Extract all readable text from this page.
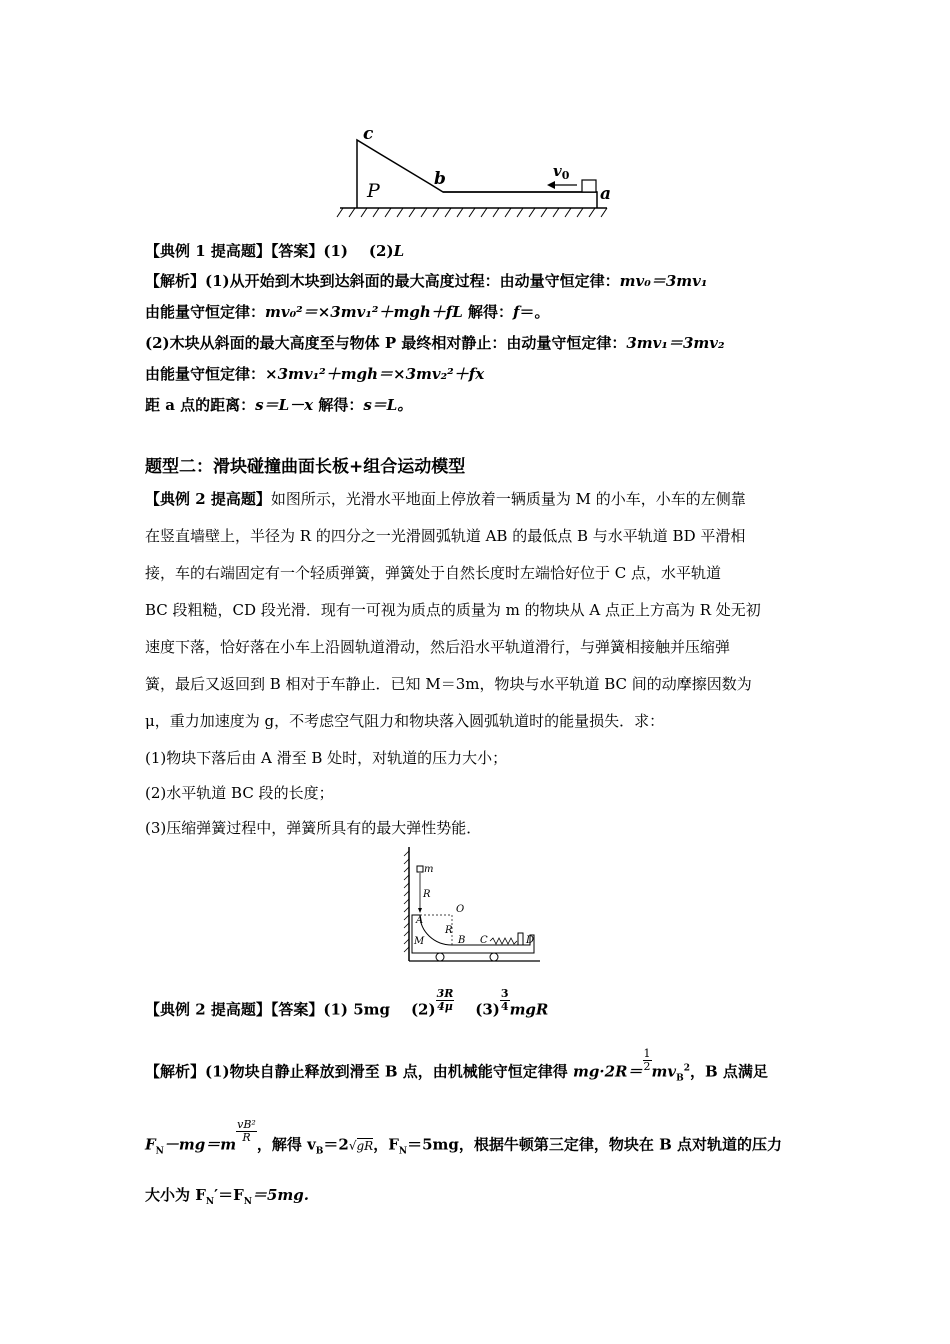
c
P
b	$v_0$
a
【典例 1 提高题】【答案】(1) (2)L
【解析】(1)从开始到木块到达斜面的最大高度过程：由动量守恒定律：mv₀＝3mv₁
由能量守恒定律：mv₀²＝×3mv₁²＋mgh＋fL 解得：f＝。
(2)木块从斜面的最大高度至与物体 P 最终相对静止：由动量守恒定律：3mv₁＝3mv₂
由能量守恒定律：×3mv₁²＋mgh＝×3mv₂²＋fx
距 a 点的距离：s＝L－x 解得：s＝L。
题型二：滑块碰撞曲面长板+组合运动模型
【典例 2 提高题】如图所示，光滑水平地面上停放着一辆质量为 M 的小车，小车的左侧靠
在竖直墙壁上，半径为 R 的四分之一光滑圆弧轨道 AB 的最低点 B 与水平轨道 BD 平滑相
接，车的右端固定有一个轻质弹簧，弹簧处于自然长度时左端恰好位于 C 点，水平轨道
BC 段粗糙，CD 段光滑．现有一可视为质点的质量为 m 的物块从 A 点正上方高为 R 处无初
速度下落，恰好落在小车上沿圆轨道滑动，然后沿水平轨道滑行，与弹簧相接触并压缩弹
簧，最后又返回到 B 相对于车静止．已知 M＝3m，物块与水平轨道 BC 间的动摩擦因数为
μ，重力加速度为 g，不考虑空气阻力和物块落入圆弧轨道时的能量损失．求：
(1)物块下落后由 A 滑至 B 处时，对轨道的压力大小；
(2)水平轨道 BC 段的长度；
(3)压缩弹簧过程中，弹簧所具有的最大弹性势能．
m
R
O
A
R
M	B C	D
【典例 2 提高题】【答案】(1) 5mg $(2) \frac{3R}{4\mu} (3) \frac{3}{4}$ mgR
【解析】(1)物块自静止释放到滑至 B 点，由机械能守恒定律得 $mg\cdot 2R= \frac{1}{2} mv_B^2$，B 点满足
$F_N-mg=m$
$\frac{\text{vB²}}{R}$
，解得 $v_B=2√gR$，$F_N=5mg$，根据牛顿第三定律，物块在 B 点对轨道的压力
大小为 $F_N'=F_N=5mg$.
